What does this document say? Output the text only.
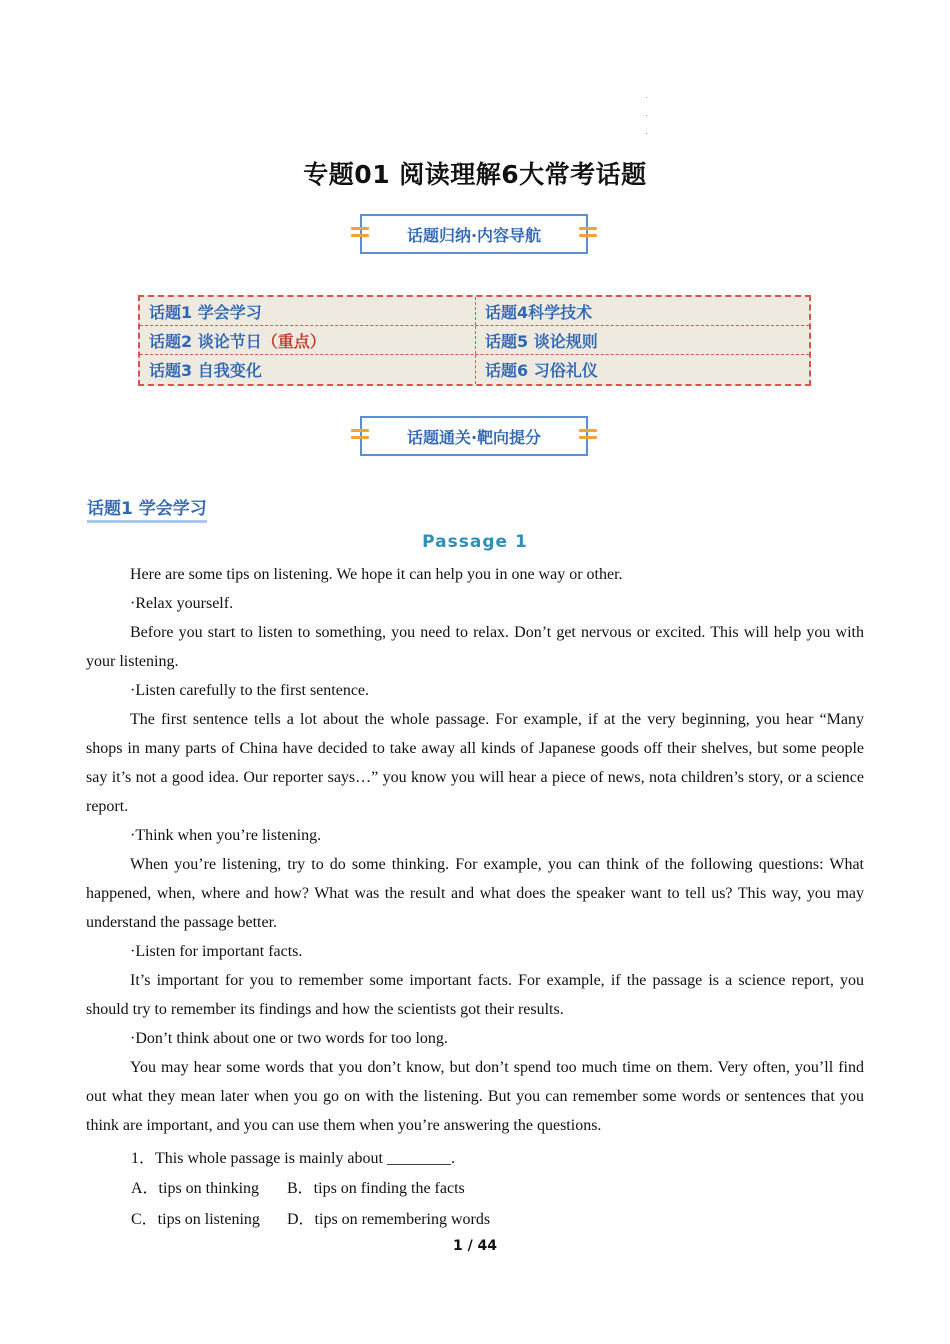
专题01 阅读理解6大常考话题
话题归纳·内容导航
话题1 学会学习	话题4科学技术
话题2 谈论节日（重点）	话题5 谈论规则
话题3 自我变化	话题6 习俗礼仪
话题通关·靶向提分
话题1 学会学习
Passage 1

Here are some tips on listening. We hope it can help you in one way or other.

·Relax yourself.

Before you start to listen to something, you need to relax. Don’t get nervous or excited. This will help you with your listening.

·Listen carefully to the first sentence.

The first sentence tells a lot about the whole passage. For example, if at the very beginning, you hear “Many shops in many parts of China have decided to take away all kinds of Japanese goods off their shelves, but some people say it’s not a good idea. Our reporter says…” you know you will hear a piece of news, nota children’s story, or a science report.

·Think when you’re listening.

When you’re listening, try to do some thinking. For example, you can think of the following questions: What happened, when, where and how? What was the result and what does the speaker want to tell us? This way, you may understand the passage better.

·Listen for important facts.

It’s important for you to remember some important facts. For example, if the passage is a science report, you should try to remember its findings and how the scientists got their results.

·Don’t think about one or two words for too long.

You may hear some words that you don’t know, but don’t spend too much time on them. Very often, you’ll find out what they mean later when you go on with the listening. But you can remember some words or sentences that you think are important, and you can use them when you’re answering the questions.

1．This whole passage is mainly about ________.
A．tips on thinking B．tips on finding the facts
C．tips on listening D．tips on remembering words
1 / 44
